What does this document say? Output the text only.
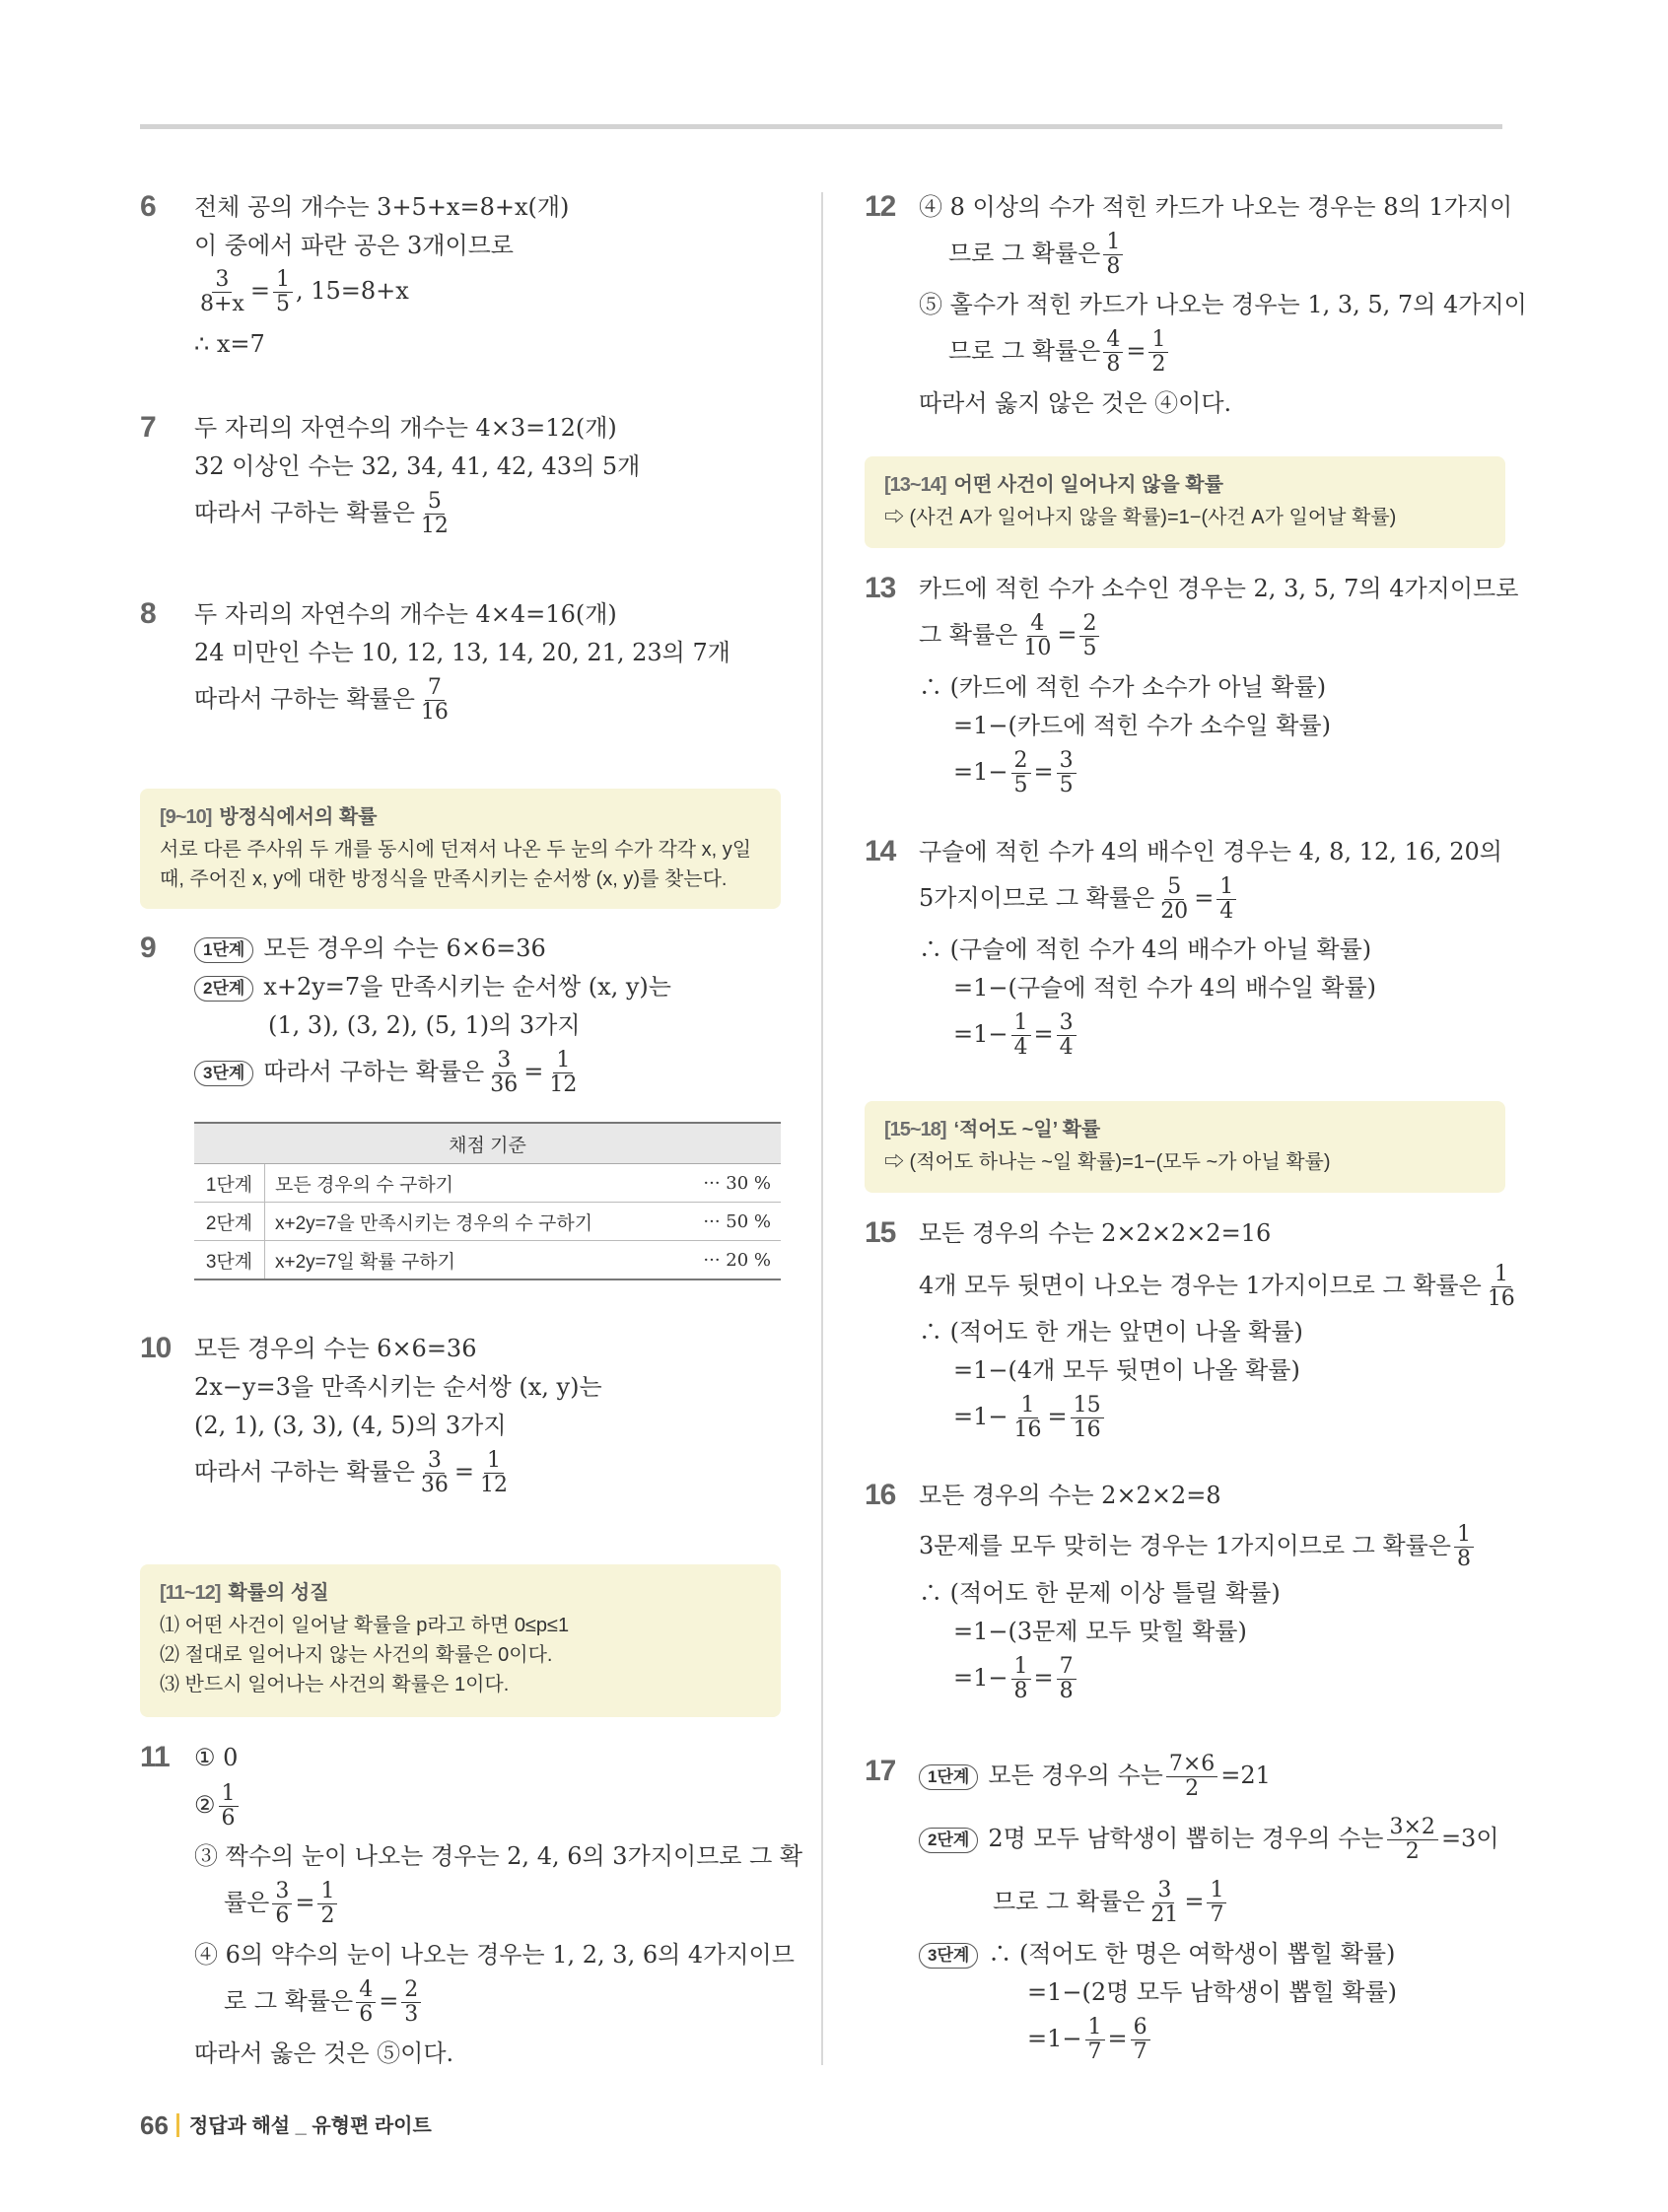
6 전체 공의 개수는 3+5+x=8+x(개)
이 중에서 파란 공은 3개이므로
$\frac{3}{8+x} = \frac{1}{5}$ , 15=8+x
∴ x=7
7 두 자리의 자연수의 개수는 4×3=12(개)
32 이상인 수는 32, 34, 41, 42, 43의 5개
따라서 구하는 확률은 $\frac{5}{12}$
8 두 자리의 자연수의 개수는 4×4=16(개)
24 미만인 수는 10, 12, 13, 14, 20, 21, 23의 7개
따라서 구하는 확률은 $\frac{7}{16}$
[9~10] 방정식에서의 확률
서로 다른 주사위 두 개를 동시에 던져서 나온 두 눈의 수가 각각 x, y일
때, 주어진 x, y에 대한 방정식을 만족시키는 순서쌍 (x, y)를 찾는다.
9	1단계 모든 경우의 수는 6×6=36
2단계 x+2y=7을 만족시키는 순서쌍 (x, y)는
(1, 3), (3, 2), (5, 1)의 3가지
3단계 따라서 구하는 확률은 $\frac{3}{36} = \frac{1}{12}$
채점 기준		
1단계	모든 경우의 수 구하기	··· 30 %
2단계	x+2y=7을 만족시키는 경우의 수 구하기	··· 50 %
3단계	x+2y=7일 확률 구하기	··· 20 %
10 모든 경우의 수는 6×6=36
2x−y=3을 만족시키는 순서쌍 (x, y)는
(2, 1), (3, 3), (4, 5)의 3가지
따라서 구하는 확률은 $\frac{3}{36} = \frac{1}{12}$
[11~12] 확률의 성질
⑴ 어떤 사건이 일어날 확률을 p라고 하면 0≤p≤1
⑵ 절대로 일어나지 않는 사건의 확률은 0이다.
⑶ 반드시 일어나는 사건의 확률은 1이다.
11 ① 0
② $\frac{1}{6}$
③ 짝수의 눈이 나오는 경우는 2, 4, 6의 3가지이므로 그 확
률은 $\frac{3}{6} = \frac{1}{2}$
④ 6의 약수의 눈이 나오는 경우는 1, 2, 3, 6의 4가지이므
로 그 확률은 $\frac{4}{6} = \frac{2}{3}$
따라서 옳은 것은 ⑤이다.
12 ④ 8 이상의 수가 적힌 카드가 나오는 경우는 8의 1가지이
므로 그 확률은 $\frac{1}{8}$
⑤ 홀수가 적힌 카드가 나오는 경우는 1, 3, 5, 7의 4가지이
므로 그 확률은 $\frac{4}{8} = \frac{1}{2}$
따라서 옳지 않은 것은 ④이다.
[13~14] 어떤 사건이 일어나지 않을 확률
⇨ (사건 A가 일어나지 않을 확률)=1−(사건 A가 일어날 확률)
13 카드에 적힌 수가 소수인 경우는 2, 3, 5, 7의 4가지이므로
그 확률은 $\frac{4}{10} = \frac{2}{5}$
∴ (카드에 적힌 수가 소수가 아닐 확률)
=1−(카드에 적힌 수가 소수일 확률)
$=1- \frac{2}{5} = \frac{3}{5}$
14 구슬에 적힌 수가 4의 배수인 경우는 4, 8, 12, 16, 20의
5가지이므로 그 확률은 $\frac{5}{20} = \frac{1}{4}$
∴ (구슬에 적힌 수가 4의 배수가 아닐 확률)
=1−(구슬에 적힌 수가 4의 배수일 확률)
$=1- \frac{1}{4} = \frac{3}{4}$
[15~18] ‘적어도 ~일’ 확률
⇨ (적어도 하나는 ~일 확률)=1−(모두 ~가 아닐 확률)
15 모든 경우의 수는 2×2×2×2=16
4개 모두 뒷면이 나오는 경우는 1가지이므로 그 확률은 $\frac{1}{16}$
∴ (적어도 한 개는 앞면이 나올 확률)
=1−(4개 모두 뒷면이 나올 확률)
$=1- \frac{1}{16} = \frac{15}{16}$
16 모든 경우의 수는 2×2×2=8
3문제를 모두 맞히는 경우는 1가지이므로 그 확률은 $\frac{1}{8}$
∴ (적어도 한 문제 이상 틀릴 확률)
=1−(3문제 모두 맞힐 확률)
$=1- \frac{1}{8} = \frac{7}{8}$
17	1단계 모든 경우의 수는 $\frac{7\times 6}{2} =21$
2단계 2명 모두 남학생이 뽑히는 경우의 수는 $\frac{3\times 2}{2} =3$이
므로 그 확률은 $\frac{3}{21} = \frac{1}{7}$
3단계 ∴ (적어도 한 명은 여학생이 뽑힐 확률)
=1−(2명 모두 남학생이 뽑힐 확률)
$=1- \frac{1}{7} = \frac{6}{7}$
66 정답과 해설 _ 유형편 라이트
